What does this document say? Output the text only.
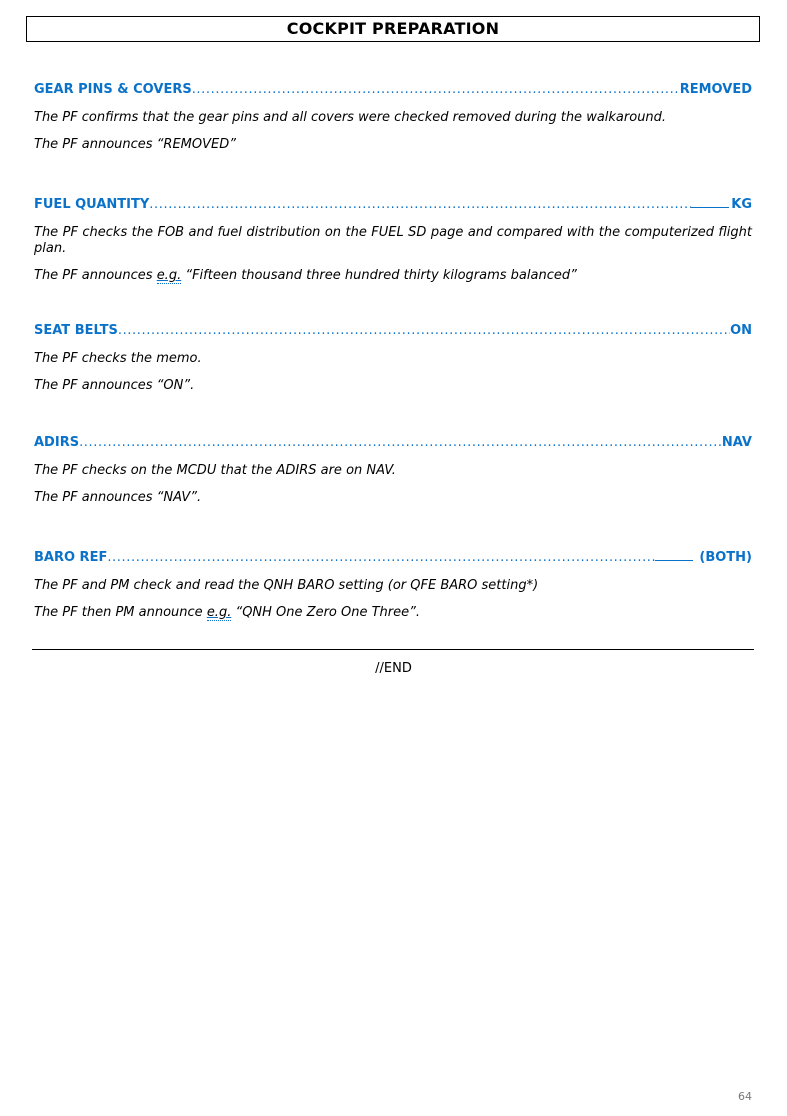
COCKPIT PREPARATION
GEAR PINS & COVERS .....	REMOVED

The PF confirms that the gear pins and all covers were checked removed during the walkaround.

The PF announces “REMOVED”

FUEL QUANTITY .....	KG

The PF checks the FOB and fuel distribution on the FUEL SD page and compared with the computerized flight plan.

The PF announces e.g. “Fifteen thousand three hundred thirty kilograms balanced”

SEAT BELTS .....	ON

The PF checks the memo.

The PF announces “ON”.

ADIRS .....	NAV

The PF checks on the MCDU that the ADIRS are on NAV.

The PF announces “NAV”.

BARO REF .....	(BOTH)

The PF and PM check and read the QNH BARO setting (or QFE BARO setting*)

The PF then PM announce e.g. “QNH One Zero One Three”.

//END
64
